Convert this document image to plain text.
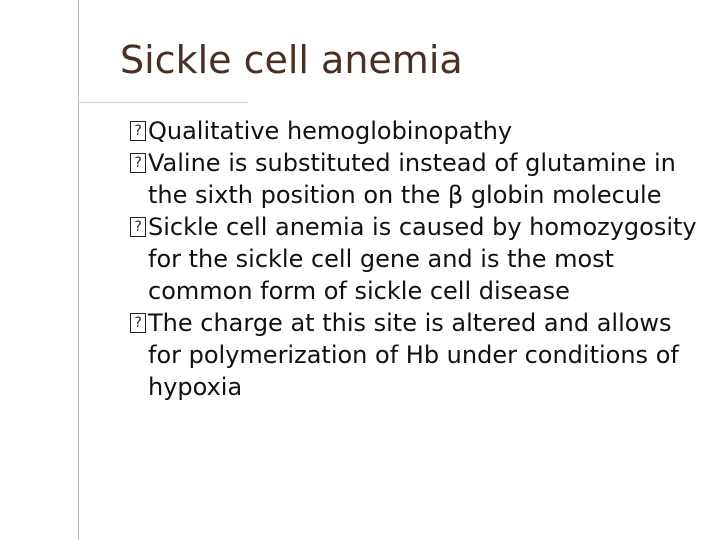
Sickle cell anemia
? Qualitative hemoglobinopathy
? Valine is substituted instead of glutamine in the sixth position on the β globin molecule
? Sickle cell anemia is caused by homozygosity for the sickle cell gene and is the most common form of sickle cell disease
? The charge at this site is altered and allows for polymerization of Hb under conditions of hypoxia
